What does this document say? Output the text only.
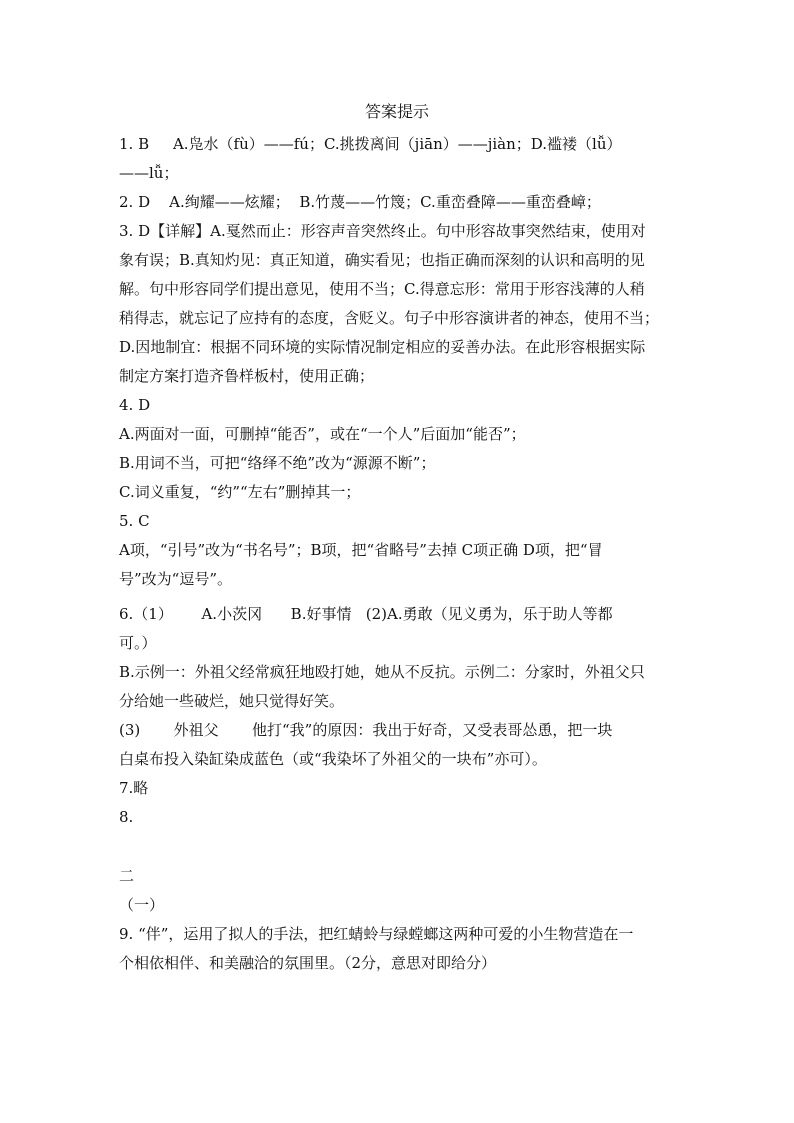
答案提示
1. B     A.凫水（fù）——fú；C.挑拨离间（jiān）——jiàn；D.褴褛（lǚ）
——lǚ；
2. D    A.绚耀——炫耀；  B.竹蔑——竹篾；C.重峦叠障——重峦叠嶂；
3. D【详解】A.戛然而止：形容声音突然终止。句中形容故事突然结束，使用对
象有误；B.真知灼见：真正知道，确实看见；也指正确而深刻的认识和高明的见
解。句中形容同学们提出意见，使用不当；C.得意忘形：常用于形容浅薄的人稍
稍得志，就忘记了应持有的态度，含贬义。句子中形容演讲者的神态，使用不当；
D.因地制宜：根据不同环境的实际情况制定相应的妥善办法。在此形容根据实际
制定方案打造齐鲁样板村，使用正确；
4. D
A.两面对一面，可删掉“能否”，或在“一个人”后面加“能否”；
B.用词不当，可把“络绎不绝”改为“源源不断”；
C.词义重复，“约”“左右”删掉其一；
5. C
A项，“引号”改为“书名号”；B项，把“省略号”去掉 C项正确 D项，把“冒
号”改为“逗号”。
6.（1）      A.小茨冈      B.好事情   (2)A.勇敢（见义勇为，乐于助人等都
可。）
B.示例一：外祖父经常疯狂地殴打她，她从不反抗。示例二：分家时，外祖父只
分给她一些破烂，她只觉得好笑。
(3)       外祖父       他打“我”的原因：我出于好奇，又受表哥怂恿，把一块
白桌布投入染缸染成蓝色（或“我染坏了外祖父的一块布”亦可）。
7.略
8.
二
（一）
9. “伴”，运用了拟人的手法，把红蜻蛉与绿螳螂这两种可爱的小生物营造在一
个相依相伴、和美融洽的氛围里。（2分，意思对即给分）
